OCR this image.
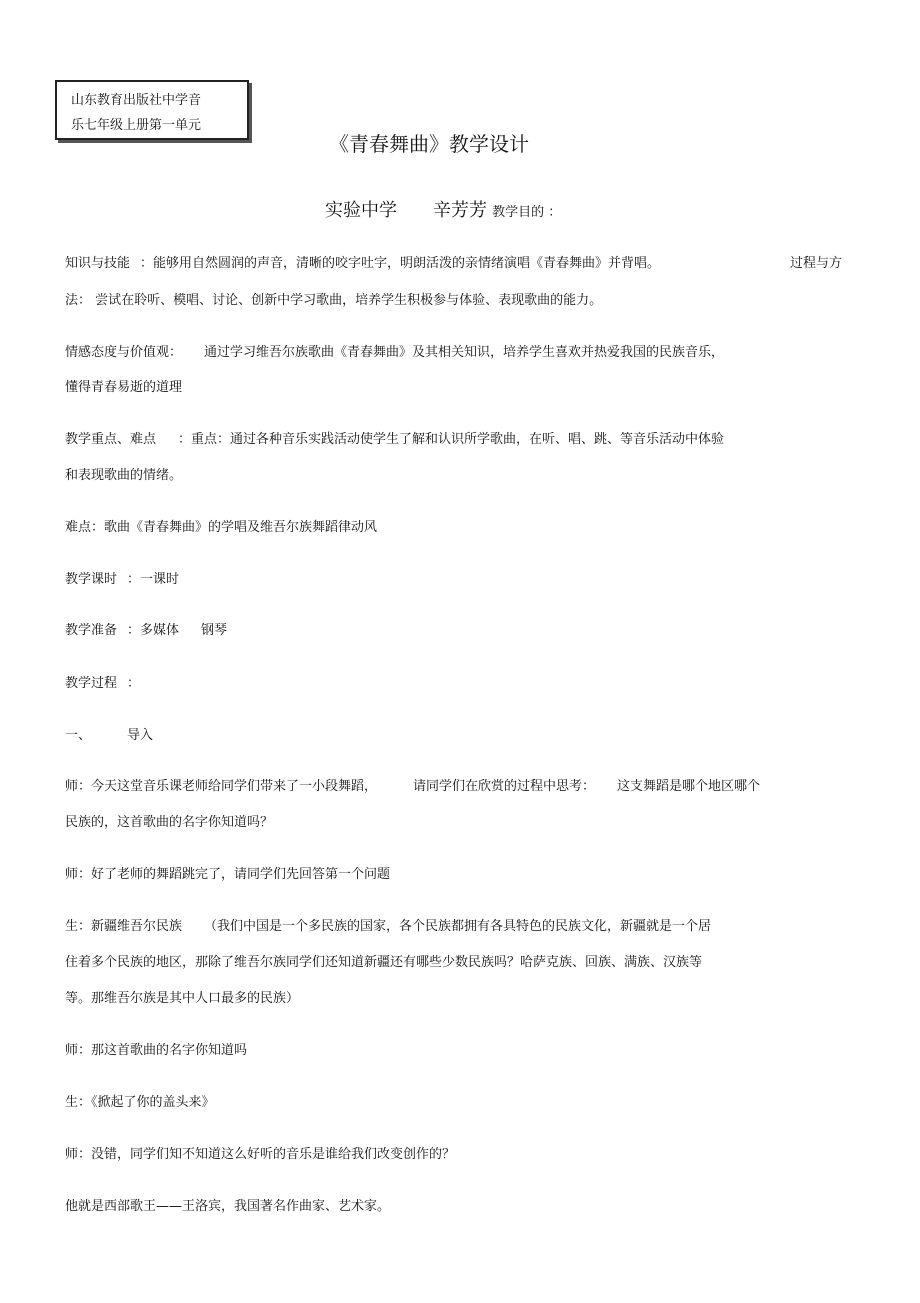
山东教育出版社中学音
乐七年级上册第一单元
《青春舞曲》教学设计
实验中学 辛芳芳 教学目的 ：
知识与技能 ：能够用自然圆润的声音，清晰的咬字吐字，明朗活泼的亲情绪演唱《青春舞曲》并背唱。	过程与方
法： 尝试在聆听、模唱、讨论、创新中学习歌曲，培养学生积极参与体验、表现歌曲的能力。
情感态度与价值观： 通过学习维吾尔族歌曲《青春舞曲》及其相关知识，培养学生喜欢并热爱我国的民族音乐，
懂得青春易逝的道理
教学重点、难点 ：重点：通过各种音乐实践活动使学生了解和认识所学歌曲，在听、唱、跳、等音乐活动中体验
和表现歌曲的情绪。
难点：歌曲《青春舞曲》的学唱及维吾尔族舞蹈律动风
教学课时 ：一课时
教学准备 ：多媒体 钢琴
教学过程 ：
一、	导入
师：今天这堂音乐课老师给同学们带来了一小段舞蹈，	请同学们在欣赏的过程中思考： 这支舞蹈是哪个地区哪个
民族的，这首歌曲的名字你知道吗？
师：好了老师的舞蹈跳完了，请同学们先回答第一个问题
生：新疆维吾尔民族 （我们中国是一个多民族的国家，各个民族都拥有各具特色的民族文化，新疆就是一个居
住着多个民族的地区，那除了维吾尔族同学们还知道新疆还有哪些少数民族吗？哈萨克族、回族、满族、汉族等
等。那维吾尔族是其中人口最多的民族）
师：那这首歌曲的名字你知道吗
生：《掀起了你的盖头来》
师：没错，同学们知不知道这么好听的音乐是谁给我们改变创作的？
他就是西部歌王——王洛宾，我国著名作曲家、艺术家。
